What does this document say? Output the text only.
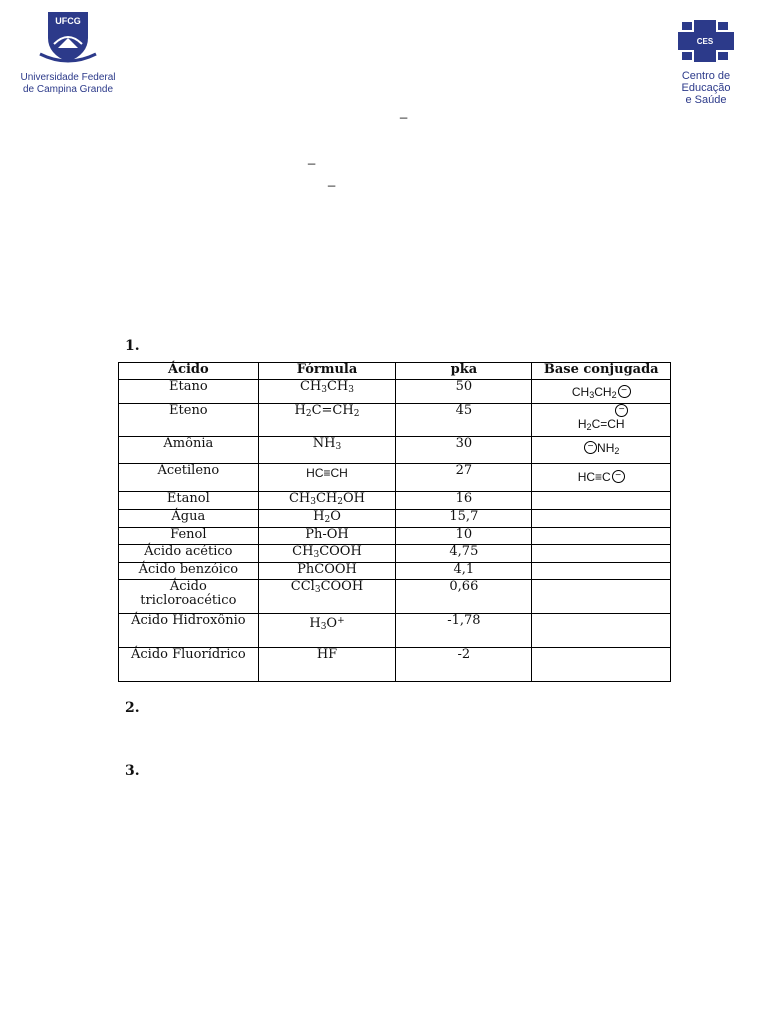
UFCG
Universidade Federal
de Campina Grande
CES
Centro de Educação
e Saúde
_
_
_
1.
2.
3.
Ácido	Fórmula	pka	Base conjugada
Etano	$CH_3CH_3$	50	$CH_3CH_2$ −
Eteno	$H_2C=CH_2$	45	−
$H_2C=CH$

Amônia	$NH_3$	30	− $NH_2$
Acetileno	HC≡CH	27	HC≡C −
Etanol	$CH_3CH_2OH$	16	
Água	$H_2O$	15,7	
Fenol	Ph-OH	10	
Ácido acético	$CH_3COOH$	4,75	
Ácido benzóico	PhCOOH	4,1	
Ácido tricloroacético	CCl$_3$COOH	0,66	
Ácido Hidroxônio	$H_3O^+$	-1,78	
Ácido Fluorídrico	HF	-2	
